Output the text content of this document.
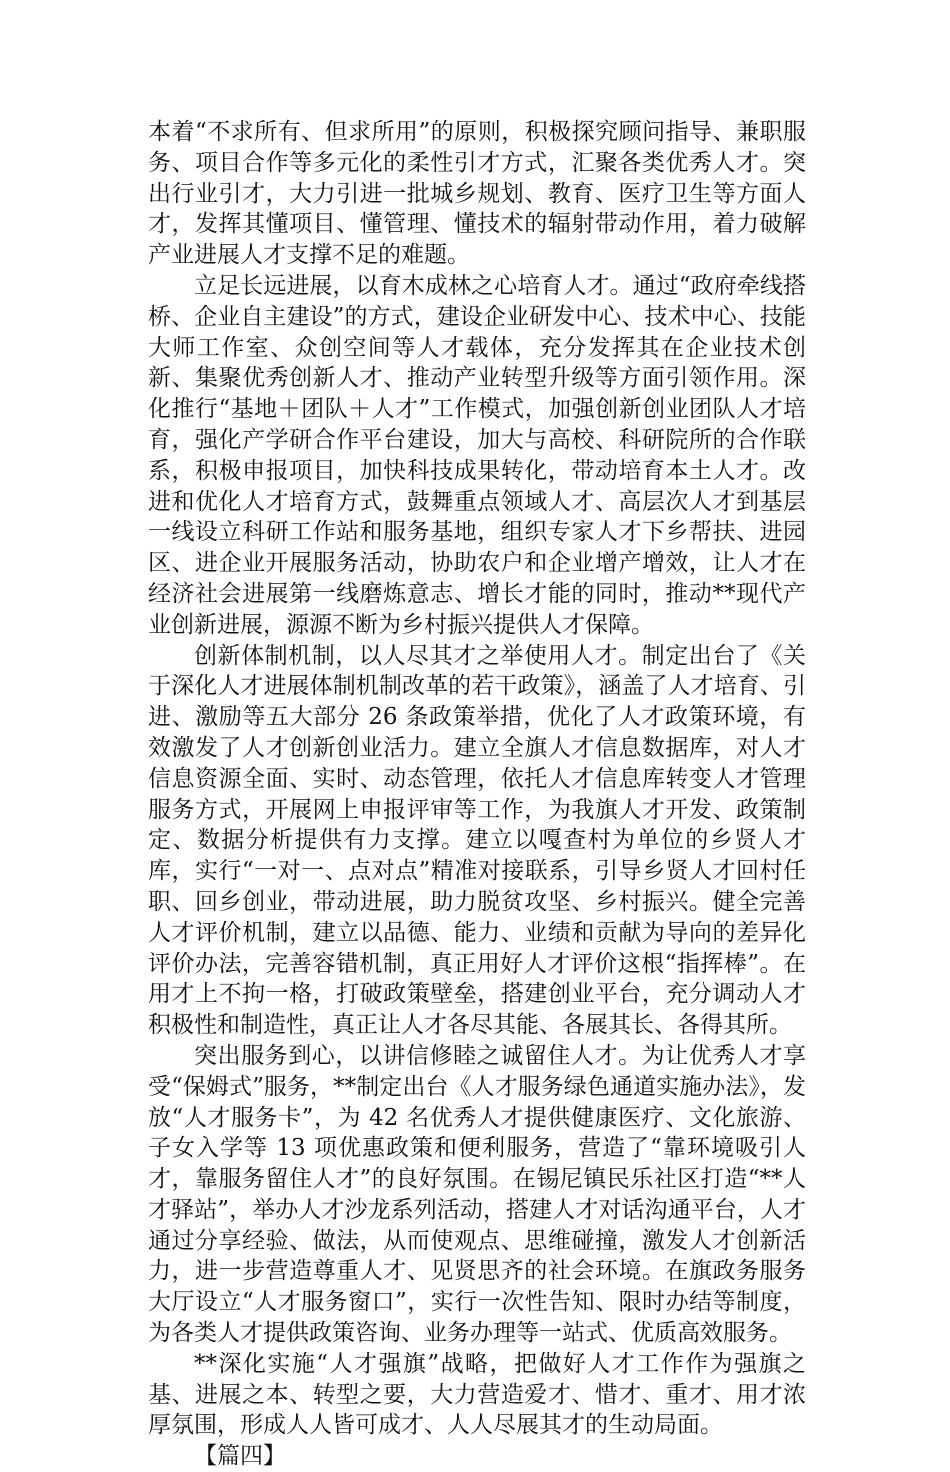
本着“不求所有、但求所用”的原则，积极探究顾问指导、兼职服务、项目合作等多元化的柔性引才方式，汇聚各类优秀人才。突出行业引才，大力引进一批城乡规划、教育、医疗卫生等方面人才，发挥其懂项目、懂管理、懂技术的辐射带动作用，着力破解产业进展人才支撑不足的难题。

立足长远进展，以育木成林之心培育人才。通过“政府牵线搭桥、企业自主建设”的方式，建设企业研发中心、技术中心、技能大师工作室、众创空间等人才载体，充分发挥其在企业技术创新、集聚优秀创新人才、推动产业转型升级等方面引领作用。深化推行“基地＋团队＋人才”工作模式，加强创新创业团队人才培育，强化产学研合作平台建设，加大与高校、科研院所的合作联系，积极申报项目，加快科技成果转化，带动培育本土人才。改进和优化人才培育方式，鼓舞重点领域人才、高层次人才到基层一线设立科研工作站和服务基地，组织专家人才下乡帮扶、进园区、进企业开展服务活动，协助农户和企业增产增效，让人才在经济社会进展第一线磨炼意志、增长才能的同时，推动**现代产业创新进展，源源不断为乡村振兴提供人才保障。

创新体制机制，以人尽其才之举使用人才。制定出台了《关于深化人才进展体制机制改革的若干政策》，涵盖了人才培育、引进、激励等五大部分 26 条政策举措，优化了人才政策环境，有效激发了人才创新创业活力。建立全旗人才信息数据库，对人才信息资源全面、实时、动态管理，依托人才信息库转变人才管理服务方式，开展网上申报评审等工作，为我旗人才开发、政策制定、数据分析提供有力支撑。建立以嘎查村为单位的乡贤人才库，实行“一对一、点对点”精准对接联系，引导乡贤人才回村任职、回乡创业，带动进展，助力脱贫攻坚、乡村振兴。健全完善人才评价机制，建立以品德、能力、业绩和贡献为导向的差异化评价办法，完善容错机制，真正用好人才评价这根“指挥棒”。在用才上不拘一格，打破政策壁垒，搭建创业平台，充分调动人才积极性和制造性，真正让人才各尽其能、各展其长、各得其所。

突出服务到心，以讲信修睦之诚留住人才。为让优秀人才享受“保姆式”服务，**制定出台《人才服务绿色通道实施办法》，发放“人才服务卡”，为 42 名优秀人才提供健康医疗、文化旅游、子女入学等 13 项优惠政策和便利服务，营造了“靠环境吸引人才，靠服务留住人才”的良好氛围。在锡尼镇民乐社区打造“**人才驿站”，举办人才沙龙系列活动，搭建人才对话沟通平台，人才通过分享经验、做法，从而使观点、思维碰撞，激发人才创新活力，进一步营造尊重人才、见贤思齐的社会环境。在旗政务服务大厅设立“人才服务窗口”，实行一次性告知、限时办结等制度，为各类人才提供政策咨询、业务办理等一站式、优质高效服务。

**深化实施“人才强旗”战略，把做好人才工作作为强旗之基、进展之本、转型之要，大力营造爱才、惜才、重才、用才浓厚氛围，形成人人皆可成才、人人尽展其才的生动局面。

【篇四】
